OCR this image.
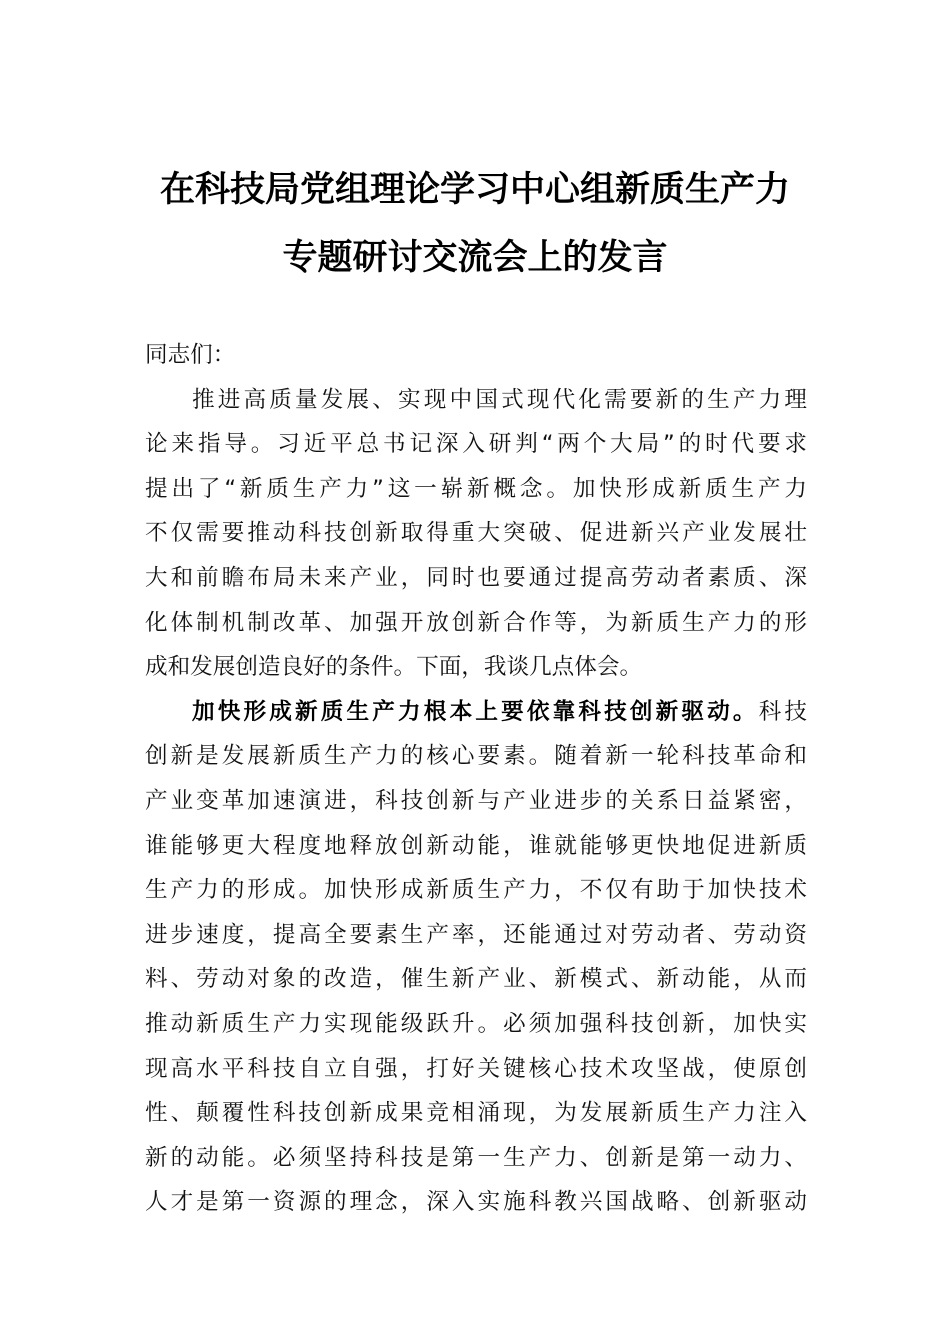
在科技局党组理论学习中心组新质生产力
专题研讨交流会上的发言
同志们：
推进高质量发展、实现中国式现代化需要新的生产力理
论来指导。习近平总书记深入研判“两个大局”的时代要求
提出了“新质生产力”这一崭新概念。加快形成新质生产力
不仅需要推动科技创新取得重大突破、促进新兴产业发展壮
大和前瞻布局未来产业，同时也要通过提高劳动者素质、深
化体制机制改革、加强开放创新合作等，为新质生产力的形
成和发展创造良好的条件。下面，我谈几点体会。
加快形成新质生产力根本上要依靠科技创新驱动。科技
创新是发展新质生产力的核心要素。随着新一轮科技革命和
产业变革加速演进，科技创新与产业进步的关系日益紧密，
谁能够更大程度地释放创新动能，谁就能够更快地促进新质
生产力的形成。加快形成新质生产力，不仅有助于加快技术
进步速度，提高全要素生产率，还能通过对劳动者、劳动资
料、劳动对象的改造，催生新产业、新模式、新动能，从而
推动新质生产力实现能级跃升。必须加强科技创新，加快实
现高水平科技自立自强，打好关键核心技术攻坚战，使原创
性、颠覆性科技创新成果竞相涌现，为发展新质生产力注入
新的动能。必须坚持科技是第一生产力、创新是第一动力、
人才是第一资源的理念，深入实施科教兴国战略、创新驱动
